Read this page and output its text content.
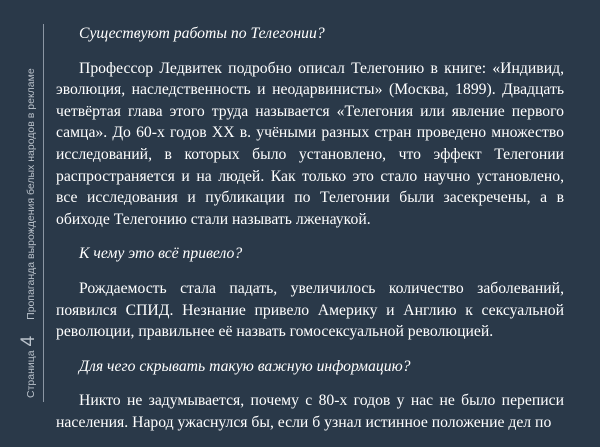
Страница
4
Пропаганда вырождения белых народов в рекламе

Существуют работы по Телегонии?

Профессор Ледвитек подробно описал Телегонию в книге: «Индивид, эволюция, наследственность и неодарвинисты» (Москва, 1899). Двадцать четвёртая глава этого труда называется «Телегония или явление первого самца». До 60-х годов ХХ в. учёными разных стран проведено множество исследований, в которых было установлено, что эффект Телегонии распространяется и на людей. Как только это стало научно установлено, все исследования и публикации по Телегонии были засекречены, а в обиходе Телегонию стали называть лженаукой.

К чему это всё привело?

Рождаемость стала падать, увеличилось количество заболеваний, появился СПИД. Незнание привело Америку и Англию к сексуальной революции, правильнее её назвать гомосексуальной революцией.

Для чего скрывать такую важную информацию?

Никто не задумывается, почему с 80-х годов у нас не было переписи населения. Народ ужаснулся бы, если б узнал истинное положение дел по
